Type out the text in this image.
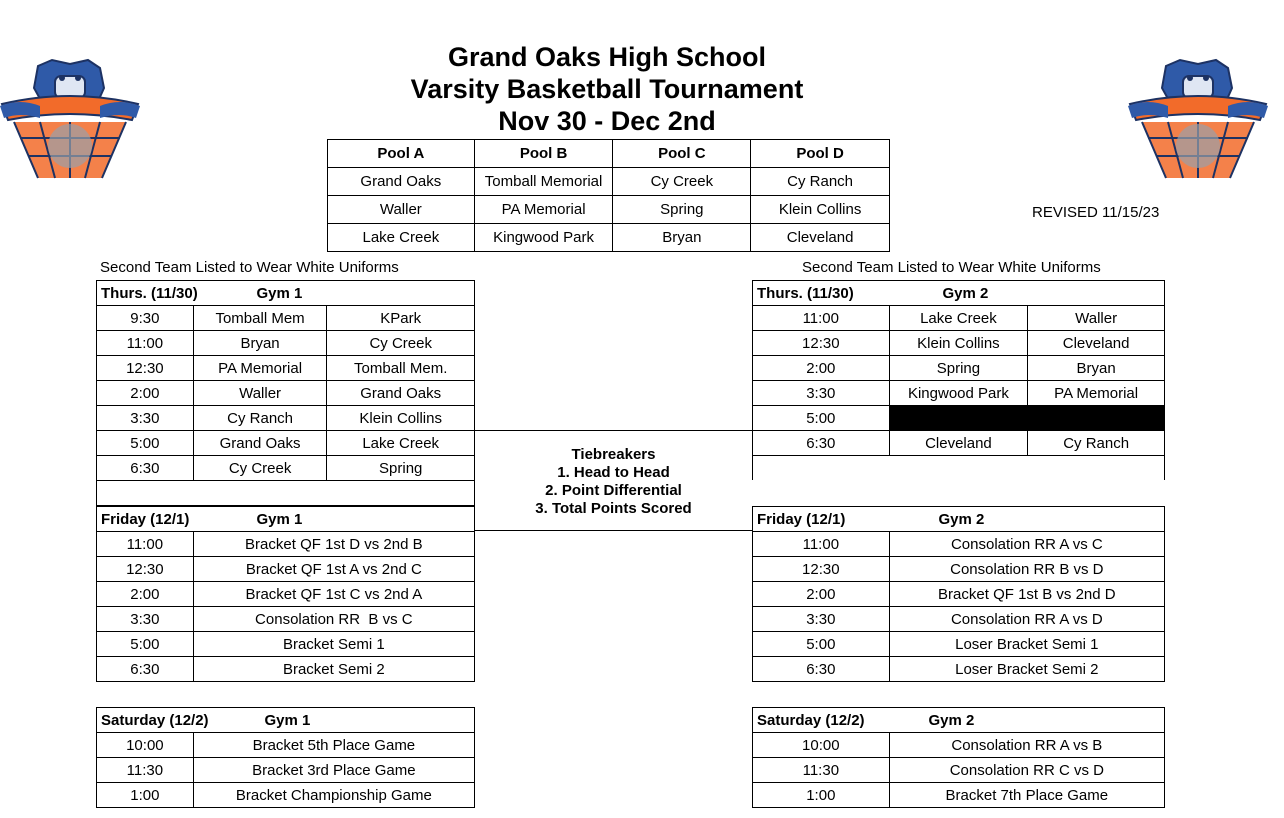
Grand Oaks High School
Varsity Basketball Tournament
Nov 30 - Dec 2nd
REVISED 11/15/23
Pool A	Pool B	Pool C	Pool D
Grand Oaks	Tomball Memorial	Cy Creek	Cy Ranch
Waller	PA Memorial	Spring	Klein Collins
Lake Creek	Kingwood Park	Bryan	Cleveland
Second Team Listed to Wear White Uniforms	Second Team Listed to Wear White Uniforms
Thurs. (11/30) Gym 1		

9:30	Tomball Mem	KPark
11:00	Bryan	Cy Creek
12:30	PA Memorial	Tomball Mem.
2:00	Waller	Grand Oaks
3:30	Cy Ranch	Klein Collins
5:00	Grand Oaks	Lake Creek
6:30	Cy Creek	Spring

Thurs. (11/30) Gym 2		

11:00	Lake Creek	Waller
12:30	Klein Collins	Cleveland
2:00	Spring	Bryan
3:30	Kingwood Park	PA Memorial
5:00		
6:30	Cleveland	Cy Ranch

Tiebreakers
1. Head to Head
2. Point Differential
3. Total Points Scored
Friday (12/1) Gym 1	

11:00	Bracket QF 1st D vs 2nd B
12:30	Bracket QF 1st A vs 2nd C
2:00	Bracket QF 1st C vs 2nd A
3:30	Consolation RR  B vs C
5:00	Bracket Semi 1
6:30	Bracket Semi 2
Friday (12/1) Gym 2	

11:00	Consolation RR A vs C
12:30	Consolation RR B vs D
2:00	Bracket QF 1st B vs 2nd D
3:30	Consolation RR A vs D
5:00	Loser Bracket Semi 1
6:30	Loser Bracket Semi 2
Saturday (12/2) Gym 1	

10:00	Bracket 5th Place Game
11:30	Bracket 3rd Place Game
1:00	Bracket Championship Game
Saturday (12/2) Gym 2	

10:00	Consolation RR A vs B
11:30	Consolation RR C vs D
1:00	Bracket 7th Place Game
